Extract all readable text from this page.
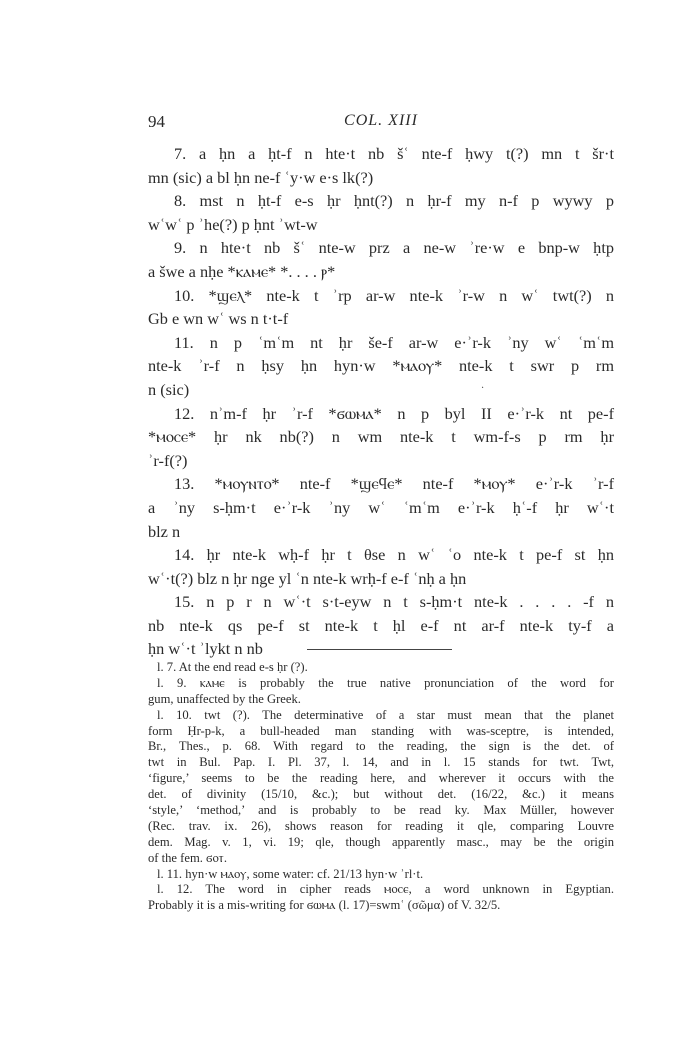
94	COL. XIII
7. a ḥn a ḥt-f n hte·t nb šʿ nte-f ḥwy t(?) mn t šr·t
mn (sic) a bl ḥn ne-f ʿy·w e·s lk(?)
8. mst n ḥt-f e-s ḥr ḥnt(?) n ḥr-f my n-f p wywy p
wʿwʿ p ʾhe(?) p ḥnt ʾwt-w
9. n hte·t nb šʿ nte-w prz a ne-w ʾre·w e bnp-w ḥtp
a šwe a nḥe *ⲕⲁⲙⲉ* *. . . . ⲣ*
10. *ϣⲉⲗ* nte-k t ʾrp ar-w nte-k ʾr-w n wʿ twt(?) n
Gb e wn wʿ ws n t·t-f
11. n p ʿmʿm nt ḥr še-f ar-w e·ʾr-k ʾny wʿ ʿmʿm
nte-k ʾr-f n ḥsy ḥn hyn·w *ⲙⲁⲟⲩ* nte-k t swr p rm
n (sic)
12. nʾm-f ḥr ʾr-f *ϭⲱⲙⲁ* n p byl II e·ʾr-k nt pe-f
*ⲙⲟⲥⲉ* ḥr nk nb(?) n wm nte-k t wm-f-s p rm ḥr
ʾr-f(?)
13. *ⲙⲟⲩⲛⲧⲟ* nte-f *ϣⲉϥⲉ* nte-f *ⲙⲟⲩ* e·ʾr-k ʾr-f
a ʾny s-ḥm·t e·ʾr-k ʾny wʿ ʿmʿm e·ʾr-k ḥʿ-f ḥr wʿ·t
blz n
14. ḥr nte-k wḥ-f ḥr t θse n wʿ ʿo nte-k t pe-f st ḥn
wʿ·t(?) blz n ḥr nge yl ʿn nte-k wrḥ-f e-f ʿnḥ a ḥn
15. n p r n wʿ·t s·t-eyw n t s-ḥm·t nte-k . . . . -f n
nb nte-k qs pe-f st nte-k t ḥl e-f nt ar-f nte-k ty-f a
ḥn wʿ·t ʾlykt n nb
·
l. 7. At the end read e-s ḥr (?).
l. 9. ⲕⲁⲙⲉ is probably the true native pronunciation of the word for
gum, unaffected by the Greek.
l. 10. twt (?). The determinative of a star must mean that the planet
form Ḥr-p-k, a bull-headed man standing with was-sceptre, is intended,
Br., Thes., p. 68. With regard to the reading, the sign is the det. of
twt in Bul. Pap. I. Pl. 37, l. 14, and in l. 15 stands for twt. Twt,
‘figure,’ seems to be the reading here, and wherever it occurs with the
det. of divinity (15/10, &c.); but without det. (16/22, &c.) it means
‘style,’ ‘method,’ and is probably to be read ky. Max Müller, however
(Rec. trav. ix. 26), shows reason for reading it qle, comparing Louvre
dem. Mag. v. 1, vi. 19; qle, though apparently masc., may be the origin
of the fem. ϭⲟⲧ.
l. 11. hyn·w ⲙⲁⲟⲩ, some water: cf. 21/13 hyn·w ʾrl·t.
l. 12. The word in cipher reads ⲙⲟⲥⲉ, a word unknown in Egyptian.
Probably it is a mis-writing for ϭⲱⲙⲁ (l. 17)=swmʿ (σῶμα) of V. 32/5.
